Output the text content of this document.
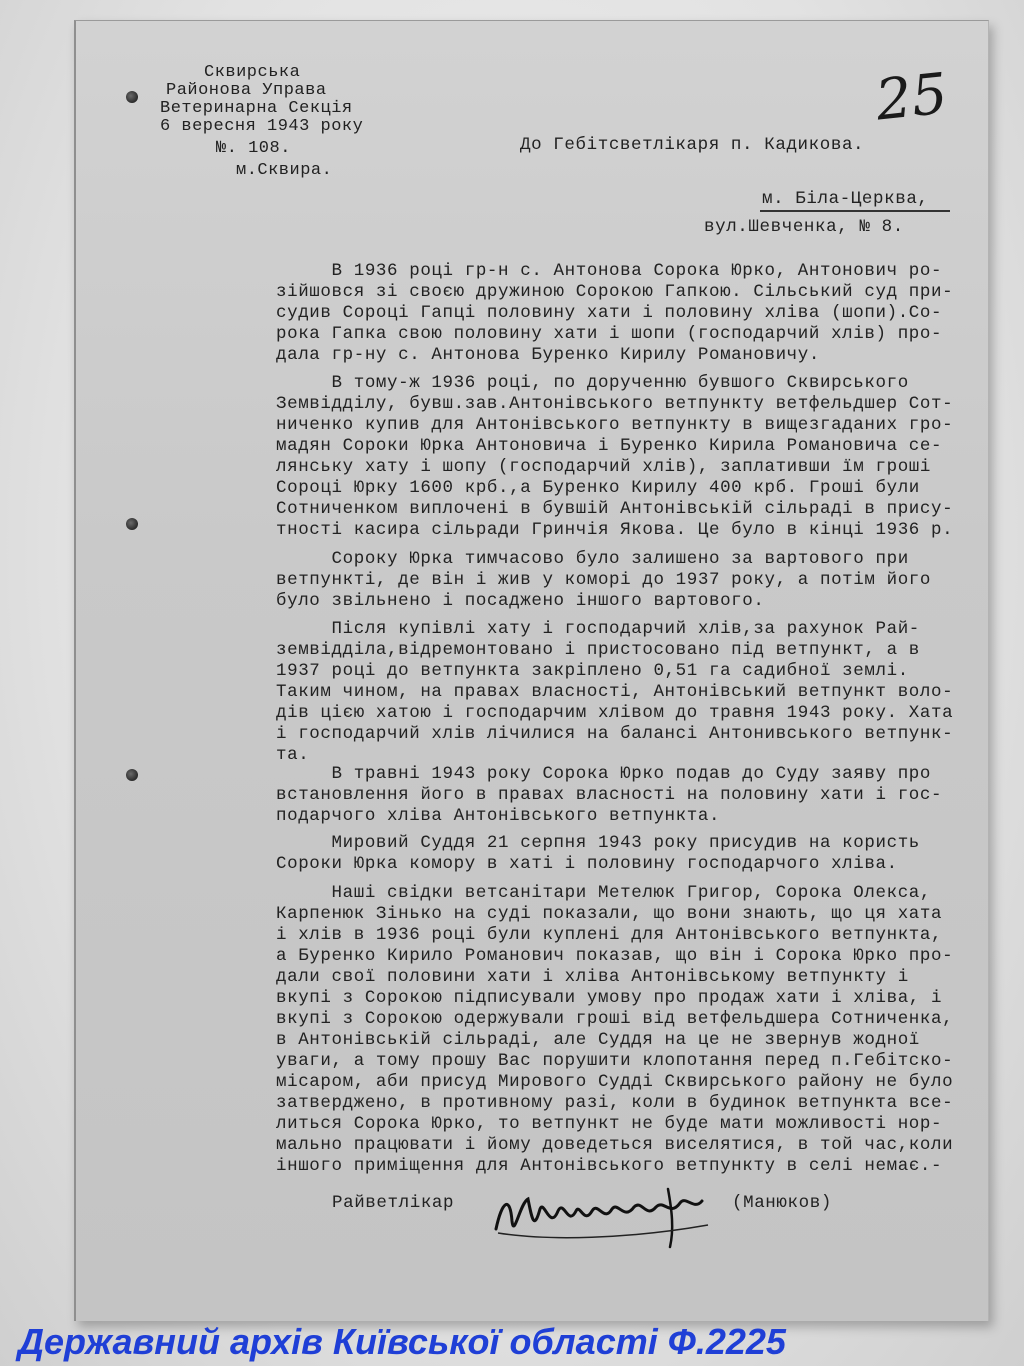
Сквирська

Районова Управа

Ветеринарна Секція

6 вересня 1943 року

№. 108.

м.Сквира.

25

До Гебітсветлікаря п. Кадикова.

м. Біла-Церква,

вул.Шевченка, № 8.

В 1936 році гр-н с. Антонова Сорока Юрко, Антонович ро-

зійшовся зі своєю дружиною Сорокою Гапкою. Сільський суд при-

судив Сороці Гапці половину хати і половину хліва (шопи).Со-

рока Гапка свою половину хати і шопи (господарчий хлів) про-

дала гр-ну с. Антонова Буренко Кирилу Романовичу.

В тому-ж 1936 році, по дорученню бувшого Сквирського

Земвідділу, бувш.зав.Антонівського ветпункту ветфельдшер Сот-

ниченко купив для Антонівського ветпункту в вищезгаданих гро-

мадян Сороки Юрка Антоновича і Буренко Кирила Романовича се-

лянську хату і шопу (господарчий хлів), заплативши їм гроші

Сороці Юрку 1600 крб.,а Буренко Кирилу 400 крб. Гроші були

Сотниченком виплочені в бувшій Антонівській сільраді в прису-

тності касира сільради Гринчія Якова. Це було в кінці 1936 р.

Сороку Юрка тимчасово було залишено за вартового при

ветпункті, де він і жив у коморі до 1937 року, а потім його

було звільнено і посаджено іншого вартового.

Після купівлі хату і господарчий хлів,за рахунок Рай-

земвідділа,відремонтовано і пристосовано під ветпункт, а в

1937 році до ветпункта закріплено 0,51 га садибної землі.

Таким чином, на правах власності, Антонівський ветпункт воло-

дів цією хатою і господарчим хлівом до травня 1943 року. Хата

і господарчий хлів лічилися на балансі Антонивського ветпунк-

та.

В травні 1943 року Сорока Юрко подав до Суду заяву про

встановлення його в правах власності на половину хати і гос-

подарчого хліва Антонівського ветпункта.

Мировий Суддя 21 серпня 1943 року присудив на користь

Сороки Юрка комору в хаті і половину господарчого хліва.

Наші свідки ветсанітари Метелюк Григор, Сорока Олекса,

Карпенюк Зінько на суді показали, що вони знають, що ця хата

і хлів в 1936 році були куплені для Антонівського ветпункта,

а Буренко Кирило Романович показав, що він і Сорока Юрко про-

дали свої половини хати і хліва Антонівському ветпункту і

вкупі з Сорокою підписували умову про продаж хати і хліва, і

вкупі з Сорокою одержували гроші від ветфельдшера Сотниченка,

в Антонівській сільраді, але Суддя на це не звернув жодної

уваги, а тому прошу Вас порушити клопотання перед п.Гебітско-

місаром, аби присуд Мирового Судді Сквирського району не було

затверджено, в противному разі, коли в будинок ветпункта все-

литься Сорока Юрко, то ветпункт не буде мати можливості нор-

мально працювати і йому доведеться виселятися, в той час,коли

іншого приміщення для Антонівського ветпункту в селі немає.-

Райветлікар	(Манюков)

Державний архів Київської області Ф.2225
